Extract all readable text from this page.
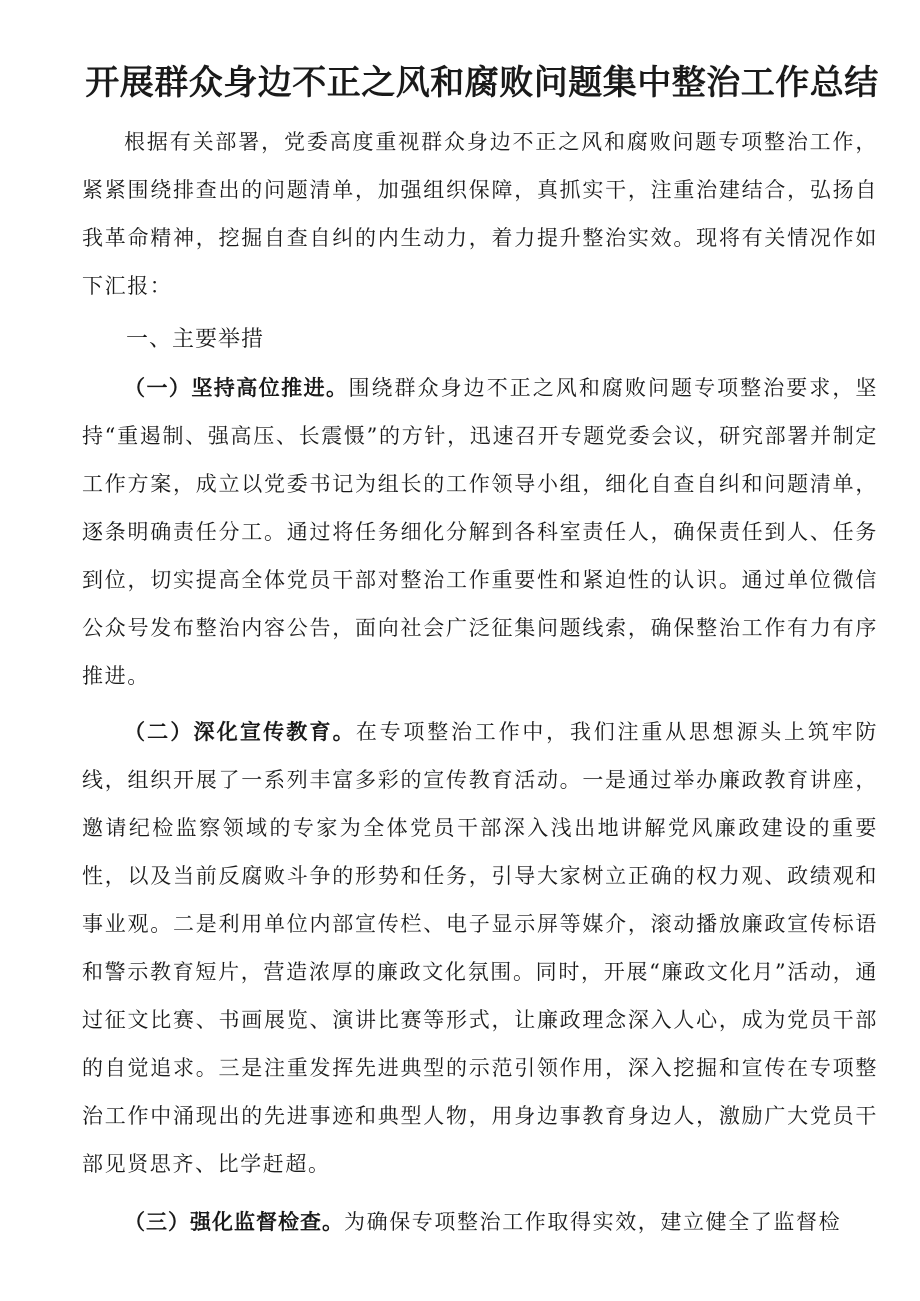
开展群众身边不正之风和腐败问题集中整治工作总结

根据有关部署，党委高度重视群众身边不正之风和腐败问题专项整治工作，紧紧围绕排查出的问题清单，加强组织保障，真抓实干，注重治建结合，弘扬自我革命精神，挖掘自查自纠的内生动力，着力提升整治实效。现将有关情况作如下汇报：

一、主要举措

（一）坚持高位推进。围绕群众身边不正之风和腐败问题专项整治要求，坚持“重遏制、强高压、长震慑”的方针，迅速召开专题党委会议，研究部署并制定工作方案，成立以党委书记为组长的工作领导小组，细化自查自纠和问题清单，逐条明确责任分工。通过将任务细化分解到各科室责任人，确保责任到人、任务到位，切实提高全体党员干部对整治工作重要性和紧迫性的认识。通过单位微信公众号发布整治内容公告，面向社会广泛征集问题线索，确保整治工作有力有序推进。

（二）深化宣传教育。在专项整治工作中，我们注重从思想源头上筑牢防线，组织开展了一系列丰富多彩的宣传教育活动。一是通过举办廉政教育讲座，邀请纪检监察领域的专家为全体党员干部深入浅出地讲解党风廉政建设的重要性，以及当前反腐败斗争的形势和任务，引导大家树立正确的权力观、政绩观和事业观。二是利用单位内部宣传栏、电子显示屏等媒介，滚动播放廉政宣传标语和警示教育短片，营造浓厚的廉政文化氛围。同时，开展“廉政文化月”活动，通过征文比赛、书画展览、演讲比赛等形式，让廉政理念深入人心，成为党员干部的自觉追求。三是注重发挥先进典型的示范引领作用，深入挖掘和宣传在专项整治工作中涌现出的先进事迹和典型人物，用身边事教育身边人，激励广大党员干部见贤思齐、比学赶超。

（三）强化监督检查。为确保专项整治工作取得实效，建立健全了监督检
